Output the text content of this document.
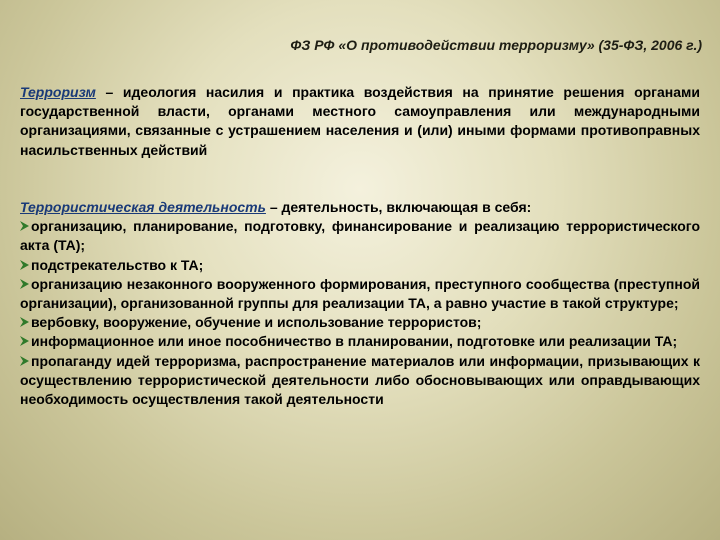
ФЗ РФ «О противодействии терроризму» (35-ФЗ, 2006 г.)
Терроризм – идеология насилия и практика воздействия на принятие решения органами государственной власти, органами местного самоуправления или международными организациями, связанные с устрашением населения и (или) иными формами противоправных насильственных действий
Террористическая деятельность – деятельность, включающая в себя:
организацию, планирование, подготовку, финансирование и реализацию террористического акта (ТА);
подстрекательство к ТА;
организацию незаконного вооруженного формирования, преступного сообщества (преступной организации), организованной группы для реализации ТА, а равно участие в такой структуре;
вербовку, вооружение, обучение и использование террористов;
информационное или иное пособничество в планировании, подготовке или реализации ТА;
пропаганду идей терроризма, распространение материалов или информации, призывающих к осуществлению террористической деятельности либо обосновывающих или оправдывающих необходимость осуществления такой деятельности
